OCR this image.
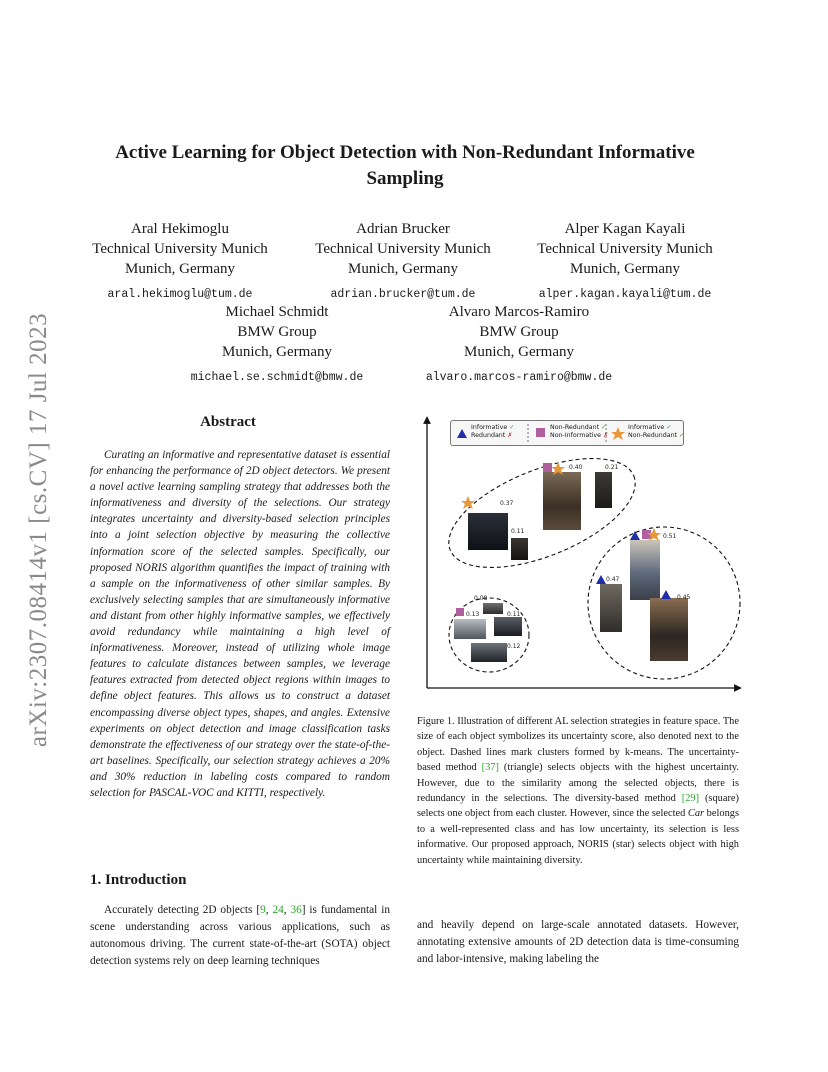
arXiv:2307.08414v1 [cs.CV] 17 Jul 2023
Active Learning for Object Detection with Non-Redundant Informative Sampling
Aral Hekimoglu
Technical University Munich
Munich, Germany
aral.hekimoglu@tum.de
Adrian Brucker
Technical University Munich
Munich, Germany
adrian.brucker@tum.de
Alper Kagan Kayali
Technical University Munich
Munich, Germany
alper.kagan.kayali@tum.de
Michael Schmidt
BMW Group
Munich, Germany
michael.se.schmidt@bmw.de
Alvaro Marcos-Ramiro
BMW Group
Munich, Germany
alvaro.marcos-ramiro@bmw.de
Abstract

Curating an informative and representative dataset is essential for enhancing the performance of 2D object detectors. We present a novel active learning sampling strategy that addresses both the informativeness and diversity of the selections. Our strategy integrates uncertainty and diversity-based selection principles into a joint selection objective by measuring the collective information score of the selected samples. Specifically, our proposed NORIS algorithm quantifies the impact of training with a sample on the informativeness of other similar samples. By exclusively selecting samples that are simultaneously informative and distant from other highly informative samples, we effectively avoid redundancy while maintaining a high level of informativeness. Moreover, instead of utilizing whole image features to calculate distances between samples, we leverage features extracted from detected object regions within images to define object features. This allows us to construct a dataset encompassing diverse object types, shapes, and angles. Extensive experiments on object detection and image classification tasks demonstrate the effectiveness of our strategy over the state-of-the-art baselines. Specifically, our selection strategy achieves a 20% and 30% reduction in labeling costs compared to random selection for PASCAL-VOC and KITTI, respectively.

Informative ✓
Redundant ✗
Non-Redundant ✓
Non-Informative ✗
Informative ✓
Non-Redundant ✓
0.40	0.21
0.37
0.11
0.51
0.47
0.45
0.08
0.13	0.11
0.12

Figure 1. Illustration of different AL selection strategies in feature space. The size of each object symbolizes its uncertainty score, also denoted next to the object. Dashed lines mark clusters formed by k-means. The uncertainty-based method [37] (triangle) selects objects with the highest uncertainty. However, due to the similarity among the selected objects, there is redundancy in the selections. The diversity-based method [29] (square) selects one object from each cluster. However, since the selected Car belongs to a well-represented class and has low uncertainty, its selection is less informative. Our proposed approach, NORIS (star) selects object with high uncertainty while maintaining diversity.

1. Introduction

Accurately detecting 2D objects [9, 24, 36] is fundamental in scene understanding across various applications, such as autonomous driving. The current state-of-the-art (SOTA) object detection systems rely on deep learning techniques

and heavily depend on large-scale annotated datasets. However, annotating extensive amounts of 2D detection data is time-consuming and labor-intensive, making labeling the
